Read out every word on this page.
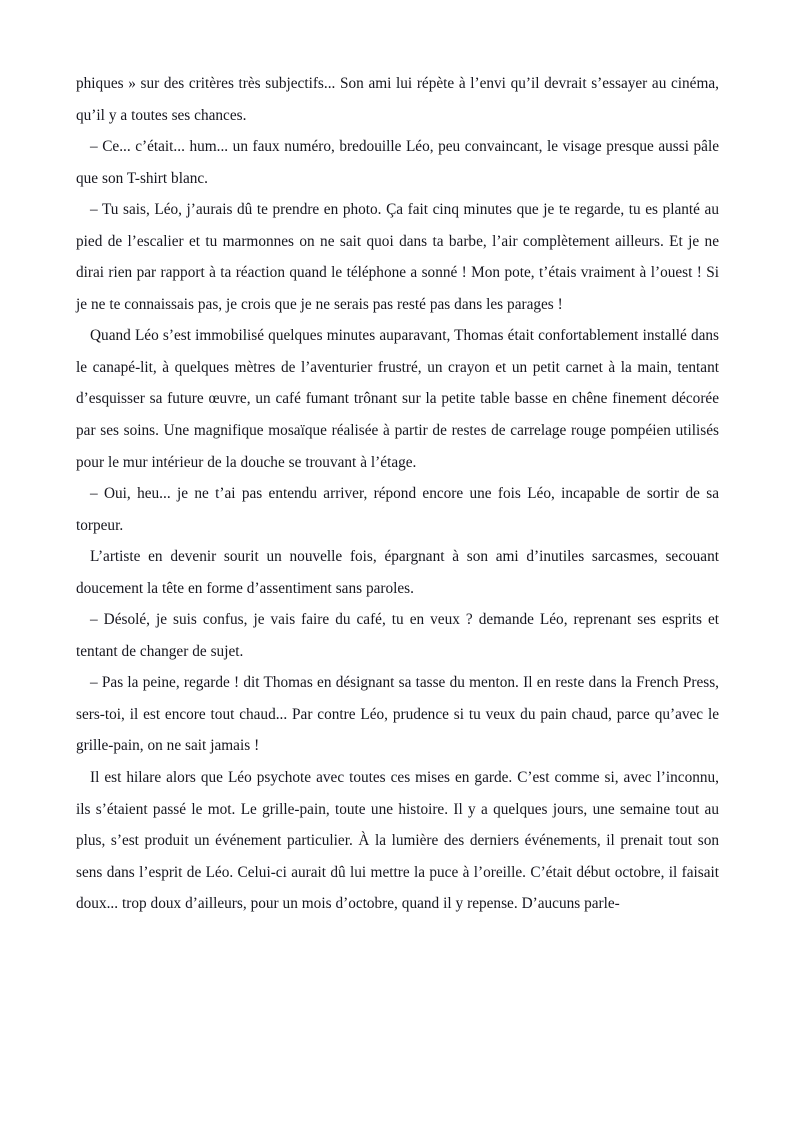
phiques » sur des critères très subjectifs... Son ami lui répète à l’envi qu’il devrait s’essayer au cinéma, qu’il y a toutes ses chances.

– Ce... c’était... hum... un faux numéro, bredouille Léo, peu convaincant, le visage presque aussi pâle que son T-shirt blanc.

– Tu sais, Léo, j’aurais dû te prendre en photo. Ça fait cinq minutes que je te regarde, tu es planté au pied de l’escalier et tu marmonnes on ne sait quoi dans ta barbe, l’air complètement ailleurs. Et je ne dirai rien par rapport à ta réaction quand le téléphone a sonné ! Mon pote, t’étais vraiment à l’ouest ! Si je ne te connaissais pas, je crois que je ne serais pas resté pas dans les parages !

Quand Léo s’est immobilisé quelques minutes auparavant, Thomas était confortablement installé dans le canapé-lit, à quelques mètres de l’aventurier frustré, un crayon et un petit carnet à la main, tentant d’esquisser sa future œuvre, un café fumant trônant sur la petite table basse en chêne finement décorée par ses soins. Une magnifique mosaïque réalisée à partir de restes de carrelage rouge pompéien utilisés pour le mur intérieur de la douche se trouvant à l’étage.

– Oui, heu... je ne t’ai pas entendu arriver, répond encore une fois Léo, incapable de sortir de sa torpeur.

L’artiste en devenir sourit un nouvelle fois, épargnant à son ami d’inutiles sarcasmes, secouant doucement la tête en forme d’assentiment sans paroles.

– Désolé, je suis confus, je vais faire du café, tu en veux ? demande Léo, reprenant ses esprits et tentant de changer de sujet.

– Pas la peine, regarde ! dit Thomas en désignant sa tasse du menton. Il en reste dans la French Press, sers-toi, il est encore tout chaud... Par contre Léo, prudence si tu veux du pain chaud, parce qu’avec le grille-pain, on ne sait jamais !

Il est hilare alors que Léo psychote avec toutes ces mises en garde. C’est comme si, avec l’inconnu, ils s’étaient passé le mot. Le grille-pain, toute une histoire. Il y a quelques jours, une semaine tout au plus, s’est produit un événement particulier. À la lumière des derniers événements, il prenait tout son sens dans l’esprit de Léo. Celui-ci aurait dû lui mettre la puce à l’oreille. C’était début octobre, il faisait doux... trop doux d’ailleurs, pour un mois d’octobre, quand il y repense. D’aucuns parle-
